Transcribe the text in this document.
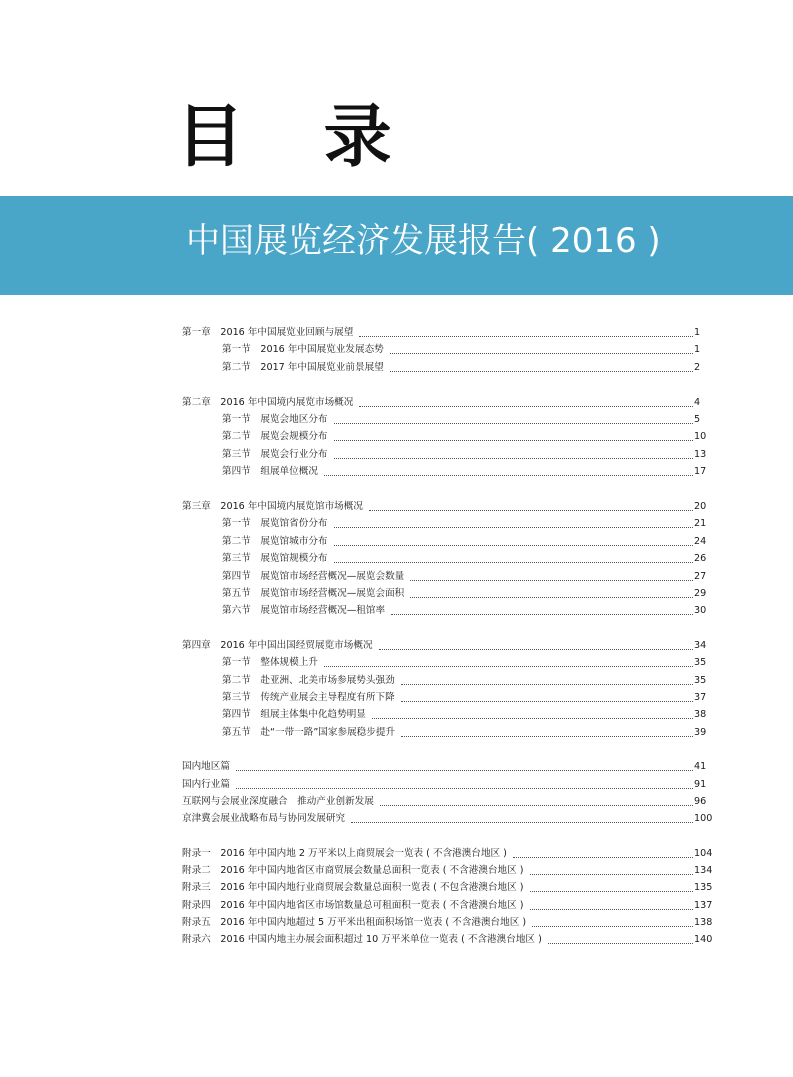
目 录
中国展览经济发展报告( 2016 )
第一章　2016 年中国展览业回顾与展望	1
第一节　2016 年中国展览业发展态势	1
第二节　2017 年中国展览业前景展望	2
第二章　2016 年中国境内展览市场概况	4
第一节　展览会地区分布	5
第二节　展览会规模分布	10
第三节　展览会行业分布	13
第四节　组展单位概况	17
第三章　2016 年中国境内展览馆市场概况	20
第一节　展览馆省份分布	21
第二节　展览馆城市分布	24
第三节　展览馆规模分布	26
第四节　展览馆市场经营概况—展览会数量	27
第五节　展览馆市场经营概况—展览会面积	29
第六节　展览馆市场经营概况—租馆率	30
第四章　2016 年中国出国经贸展览市场概况	34
第一节　整体规模上升	35
第二节　赴亚洲、北美市场参展势头强劲	35
第三节　传统产业展会主导程度有所下降	37
第四节　组展主体集中化趋势明显	38
第五节　赴“一带一路”国家参展稳步提升	39
国内地区篇	41
国内行业篇	91
互联网与会展业深度融合　推动产业创新发展	96
京津冀会展业战略布局与协同发展研究	100
附录一　2016 年中国内地 2 万平米以上商贸展会一览表 ( 不含港澳台地区 )	104
附录二　2016 年中国内地省区市商贸展会数量总面积一览表 ( 不含港澳台地区 )	134
附录三　2016 年中国内地行业商贸展会数量总面积一览表 ( 不包含港澳台地区 )	135
附录四　2016 年中国内地省区市场馆数量总可租面积一览表 ( 不含港澳台地区 )	137
附录五　2016 年中国内地超过 5 万平米出租面积场馆一览表 ( 不含港澳台地区 )	138
附录六　2016 中国内地主办展会面积超过 10 万平米单位一览表 ( 不含港澳台地区 )	140
